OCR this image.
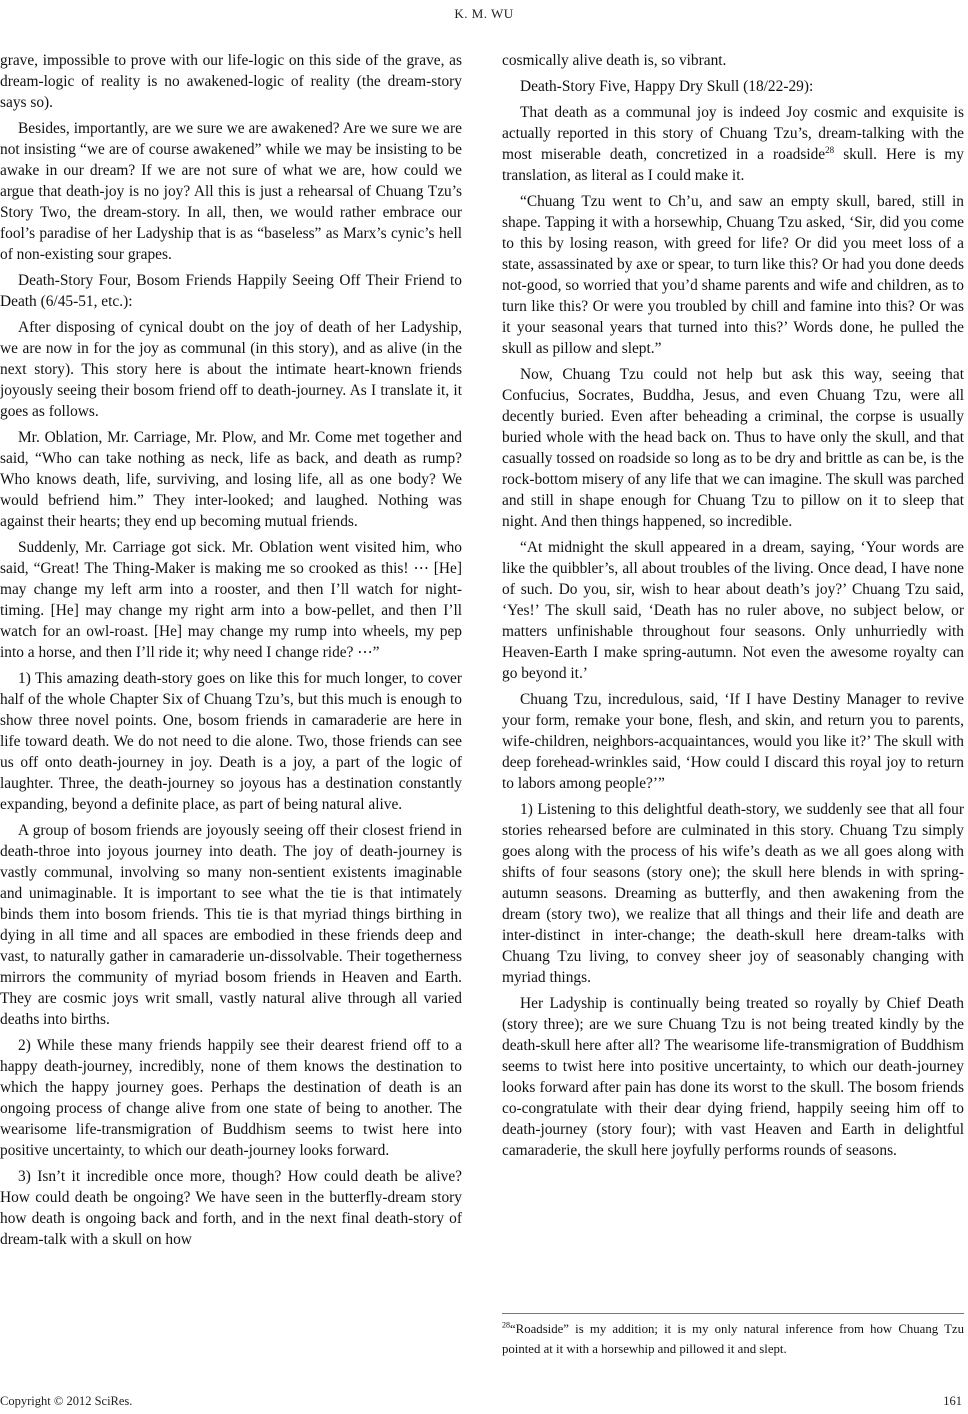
K. M. WU

grave, impossible to prove with our life-logic on this side of the grave, as dream-logic of reality is no awakened-logic of reality (the dream-story says so).

Besides, importantly, are we sure we are awakened? Are we sure we are not insisting “we are of course awakened” while we may be insisting to be awake in our dream? If we are not sure of what we are, how could we argue that death-joy is no joy? All this is just a rehearsal of Chuang Tzu’s Story Two, the dream-story. In all, then, we would rather embrace our fool’s paradise of her Ladyship that is as “baseless” as Marx’s cynic’s hell of non-existing sour grapes.

Death-Story Four, Bosom Friends Happily Seeing Off Their Friend to Death (6/45-51, etc.):

After disposing of cynical doubt on the joy of death of her Ladyship, we are now in for the joy as communal (in this story), and as alive (in the next story). This story here is about the intimate heart-known friends joyously seeing their bosom friend off to death-journey. As I translate it, it goes as follows.

Mr. Oblation, Mr. Carriage, Mr. Plow, and Mr. Come met together and said, “Who can take nothing as neck, life as back, and death as rump? Who knows death, life, surviving, and losing life, all as one body? We would befriend him.” They inter-looked; and laughed. Nothing was against their hearts; they end up becoming mutual friends.

Suddenly, Mr. Carriage got sick. Mr. Oblation went visited him, who said, “Great! The Thing-Maker is making me so crooked as this! ⋯ [He] may change my left arm into a rooster, and then I’ll watch for night-timing. [He] may change my right arm into a bow-pellet, and then I’ll watch for an owl-roast. [He] may change my rump into wheels, my pep into a horse, and then I’ll ride it; why need I change ride? ⋯”

1) This amazing death-story goes on like this for much longer, to cover half of the whole Chapter Six of Chuang Tzu’s, but this much is enough to show three novel points. One, bosom friends in camaraderie are here in life toward death. We do not need to die alone. Two, those friends can see us off onto death-journey in joy. Death is a joy, a part of the logic of laughter. Three, the death-journey so joyous has a destination constantly expanding, beyond a definite place, as part of being natural alive.

A group of bosom friends are joyously seeing off their closest friend in death-throe into joyous journey into death. The joy of death-journey is vastly communal, involving so many non-sentient existents imaginable and unimaginable. It is important to see what the tie is that intimately binds them into bosom friends. This tie is that myriad things birthing in dying in all time and all spaces are embodied in these friends deep and vast, to naturally gather in camaraderie un-dissolvable. Their togetherness mirrors the community of myriad bosom friends in Heaven and Earth. They are cosmic joys writ small, vastly natural alive through all varied deaths into births.

2) While these many friends happily see their dearest friend off to a happy death-journey, incredibly, none of them knows the destination to which the happy journey goes. Perhaps the destination of death is an ongoing process of change alive from one state of being to another. The wearisome life-transmigration of Buddhism seems to twist here into positive uncertainty, to which our death-journey looks forward.

3) Isn’t it incredible once more, though? How could death be alive? How could death be ongoing? We have seen in the butterfly-dream story how death is ongoing back and forth, and in the next final death-story of dream-talk with a skull on how

cosmically alive death is, so vibrant.

Death-Story Five, Happy Dry Skull (18/22-29):

That death as a communal joy is indeed Joy cosmic and exquisite is actually reported in this story of Chuang Tzu’s, dream-talking with the most miserable death, concretized in a roadside$^{28}$ skull. Here is my translation, as literal as I could make it.

“Chuang Tzu went to Ch’u, and saw an empty skull, bared, still in shape. Tapping it with a horsewhip, Chuang Tzu asked, ‘Sir, did you come to this by losing reason, with greed for life? Or did you meet loss of a state, assassinated by axe or spear, to turn like this? Or had you done deeds not-good, so worried that you’d shame parents and wife and children, as to turn like this? Or were you troubled by chill and famine into this? Or was it your seasonal years that turned into this?’ Words done, he pulled the skull as pillow and slept.”

Now, Chuang Tzu could not help but ask this way, seeing that Confucius, Socrates, Buddha, Jesus, and even Chuang Tzu, were all decently buried. Even after beheading a criminal, the corpse is usually buried whole with the head back on. Thus to have only the skull, and that casually tossed on roadside so long as to be dry and brittle as can be, is the rock-bottom misery of any life that we can imagine. The skull was parched and still in shape enough for Chuang Tzu to pillow on it to sleep that night. And then things happened, so incredible.

“At midnight the skull appeared in a dream, saying, ‘Your words are like the quibbler’s, all about troubles of the living. Once dead, I have none of such. Do you, sir, wish to hear about death’s joy?’ Chuang Tzu said, ‘Yes!’ The skull said, ‘Death has no ruler above, no subject below, or matters unfinishable throughout four seasons. Only unhurriedly with Heaven-Earth I make spring-autumn. Not even the awesome royalty can go beyond it.’

Chuang Tzu, incredulous, said, ‘If I have Destiny Manager to revive your form, remake your bone, flesh, and skin, and return you to parents, wife-children, neighbors-acquaintances, would you like it?’ The skull with deep forehead-wrinkles said, ‘How could I discard this royal joy to return to labors among people?’”

1) Listening to this delightful death-story, we suddenly see that all four stories rehearsed before are culminated in this story. Chuang Tzu simply goes along with the process of his wife’s death as we all goes along with shifts of four seasons (story one); the skull here blends in with spring-autumn seasons. Dreaming as butterfly, and then awakening from the dream (story two), we realize that all things and their life and death are inter-distinct in inter-change; the death-skull here dream-talks with Chuang Tzu living, to convey sheer joy of seasonably changing with myriad things.

Her Ladyship is continually being treated so royally by Chief Death (story three); are we sure Chuang Tzu is not being treated kindly by the death-skull here after all? The wearisome life-transmigration of Buddhism seems to twist here into positive uncertainty, to which our death-journey looks forward after pain has done its worst to the skull. The bosom friends co-congratulate with their dear dying friend, happily seeing him off to death-journey (story four); with vast Heaven and Earth in delightful camaraderie, the skull here joyfully performs rounds of seasons.

$^{28}$“Roadside” is my addition; it is my only natural inference from how Chuang Tzu pointed at it with a horsewhip and pillowed it and slept.
Copyright © 2012 SciRes.	161
